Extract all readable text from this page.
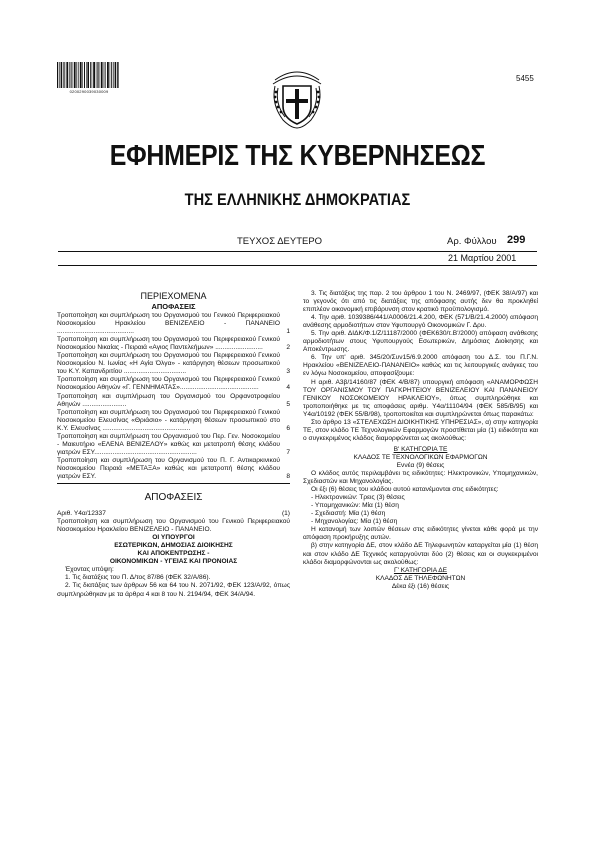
0200290039030009
5455
ΕΦΗΜΕΡΙΣ ΤΗΣ ΚΥΒΕΡΝΗΣΕΩΣ
ΤΗΣ ΕΛΛΗΝΙΚΗΣ ΔΗΜΟΚΡΑΤΙΑΣ
ΤΕΥΧΟΣ ΔΕΥΤΕΡΟ	Αρ. Φύλλου 299
21 Μαρτίου 2001
ΠΕΡΙΕΧΟΜΕΝΑ
ΑΠΟΦΑΣΕΙΣ
Τροποποίηση και συμπλήρωση του Οργανισμού του Γενικού Περιφερειακού Νοσοκομείου Ηρακλείου ΒΕΝΙΖΕΛΕΙΟ - ΠΑΝΑΝΕΙΟ ..........................................	1
Τροποποίηση και συμπλήρωση του Οργανισμού του Περιφερειακού Γενικού Νοσοκομείου Νικαίας - Πειραιά «Αγιος Παντελεήμων» ..........................	2
Τροποποίηση και συμπλήρωση του Οργανισμού του Περιφερειακού Γενικού Νοσοκομείου Ν. Ιωνίας «Η Αγία Όλγα» - κατάργηση θέσεων προσωπικού του Κ.Υ. Καπανδριτίου ..................................	3
Τροποποίηση και συμπλήρωση του Οργανισμού του Περιφερειακού Γενικού Νοσοκομείου Αθηνών «Γ. ΓΕΝΝΗΜΑΤΑΣ»...........................................	4
Τροποποίηση και συμπλήρωση του Οργανισμού του Ορφανοτροφείου Αθηνών ........................	5
Τροποποίηση και συμπλήρωση του Οργανισμού του Περιφερειακού Γενικού Νοσοκομείου Ελευσίνας «Θριάσιο» - κατάργηση θέσεων προσωπικού στο Κ.Υ. Ελευσίνας ................................................	6
Τροποποίηση και συμπλήρωση του Οργανισμού του Περ. Γεν. Νοσοκομείου - Μαιευτήριο «ΕΛΕΝΑ ΒΕΝΙΖΕΛΟΥ» καθώς και μετατροπή θέσης κλάδου γιατρών ΕΣΥ........................................................	7
Τροποποίηση και συμπλήρωση του Οργανισμού του Π. Γ. Αντικαρκινικού Νοσοκομείου Πειραιά «ΜΕΤΑΞΑ» καθώς και μετατροπή θέσης κλάδου γιατρών ΕΣΥ.	8
ΑΠΟΦΑΣΕΙΣ
Αριθ. Υ4α/12337	(1)
Τροποποίηση και συμπλήρωση του Οργανισμού του Γενικού Περιφερειακού Νοσοκομείου Ηρακλείου ΒΕΝΙΖΕΛΕΙΟ - ΠΑΝΑΝΕΙΟ.
ΟΙ ΥΠΟΥΡΓΟΙ
ΕΣΩΤΕΡΙΚΩΝ, ΔΗΜΟΣΙΑΣ ΔΙΟΙΚΗΣΗΣ
ΚΑΙ ΑΠΟΚΕΝΤΡΩΣΗΣ -
ΟΙΚΟΝΟΜΙΚΩΝ - ΥΓΕΙΑΣ ΚΑΙ ΠΡΟΝΟΙΑΣ
Έχοντας υπόψη:
1. Τις διατάξεις του Π. Δ/τος 87/86 (ΦΕΚ 32/Α/86).
2. Τις διατάξεις των άρθρων 56 και 64 του Ν. 2071/92, ΦΕΚ 123/Α/92, όπως συμπληρώθηκαν με τα άρθρα 4 και 8 του Ν. 2194/94, ΦΕΚ 34/Α/94.
3. Τις διατάξεις της παρ. 2 του άρθρου 1 του Ν. 2469/97, (ΦΕΚ 38/Α/97) και το γεγονός ότι από τις διατάξεις της απόφασης αυτής δεν θα προκληθεί επιπλέον οικονομική επιβάρυνση στον κρατικό προϋπολογισμό.
4. Την αριθ. 1039386/441/Α0006/21.4.200, ΦΕΚ (571/Β/21.4.2000) απόφαση ανάθεσης αρμοδιοτήτων στον Υφυπουργό Οικονομικών Γ. Δρυ.
5. Την αριθ. ΔΙΔΚ/Φ.1/Ζ/11187/2000 (ΦΕΚ630/τ.Β'/2000) απόφαση ανάθεσης αρμοδιοτήτων στους Υφυπουργούς Εσωτερικών, Δημόσιας Διοίκησης και Αποκέντρωσης.
6. Την υπ' αριθ. 345/20/Συν15/6.9.2000 απόφαση του Δ.Σ. του Π.Γ.Ν. Ηρακλείου «ΒΕΝΙΖΕΛΕΙΟ-ΠΑΝΑΝΕΙΟ» καθώς και τις λειτουργικές ανάγκες του εν λόγω Νοσοκομείου, αποφασίζουμε:
Η αριθ. Α3β/14160/87 (ΦΕΚ 4/Β/87) υπουργική απόφαση «ΑΝΑΜΟΡΦΩΣΗ ΤΟΥ ΟΡΓΑΝΙΣΜΟΥ ΤΟΥ ΠΑΓΚΡΗΤΕΙΟΥ ΒΕΝΙΖΕΛΕΙΟΥ ΚΑΙ ΠΑΝΑΝΕΙΟΥ ΓΕΝΙΚΟΥ ΝΟΣΟΚΟΜΕΙΟΥ ΗΡΑΚΛΕΙΟΥ», όπως συμπληρώθηκε και τροποποιήθηκε με τις αποφάσεις αριθμ. Υ4α/11104/94 (ΦΕΚ 585/Β/95) και Υ4α/10192 (ΦΕΚ 55/Β/98), τροποποιείται και συμπληρώνεται όπως παρακάτω:
Στο άρθρο 13 «ΣΤΕΛΕΧΩΣΗ ΔΙΟΙΚΗΤΙΚΗΣ ΥΠΗΡΕΣΙΑΣ», α) στην κατηγορία ΤΕ, στον κλάδο ΤΕ Τεχνολογικών Εφαρμογών προστίθεται μία (1) ειδικότητα και ο συγκεκριμένος κλάδος διαμορφώνεται ως ακολούθως:
Β' ΚΑΤΗΓΟΡΙΑ ΤΕ
ΚΛΑΔΟΣ ΤΕ ΤΕΧΝΟΛΟΓΙΚΩΝ ΕΦΑΡΜΟΓΩΝ
Εννέα (9) θέσεις
Ο κλάδος αυτός περιλαμβάνει τις ειδικότητες: Ηλεκτρονικών, Υπομηχανικών, Σχεδιαστών και Μηχανολογίας.
Οι έξι (6) θέσεις του κλάδου αυτού κατανέμονται στις ειδικότητες:
- Ηλεκτρονικών: Τρεις (3) θέσεις
- Υπομηχανικών: Μία (1) θέση
- Σχεδιαστή: Μία (1) θέση
- Μηχανολογίας: Μία (1) θέση
Η κατανομή των λοιπών θέσεων στις ειδικότητες γίνεται κάθε φορά με την απόφαση προκήρυξης αυτών.
β) στην κατηγορία ΔΕ, στον κλάδο ΔΕ Τηλεφωνητών καταργείται μία (1) θέση και στον κλάδο ΔΕ Τεχνικός καταργούνται δύο (2) θέσεις και οι συγκεκριμένοι κλάδοι διαμορφώνονται ως ακολούθως:
Γ' ΚΑΤΗΓΟΡΙΑ ΔΕ
ΚΛΑΔΟΣ ΔΕ ΤΗΛΕΦΩΝΗΤΩΝ
Δέκα έξι (16) θέσεις
